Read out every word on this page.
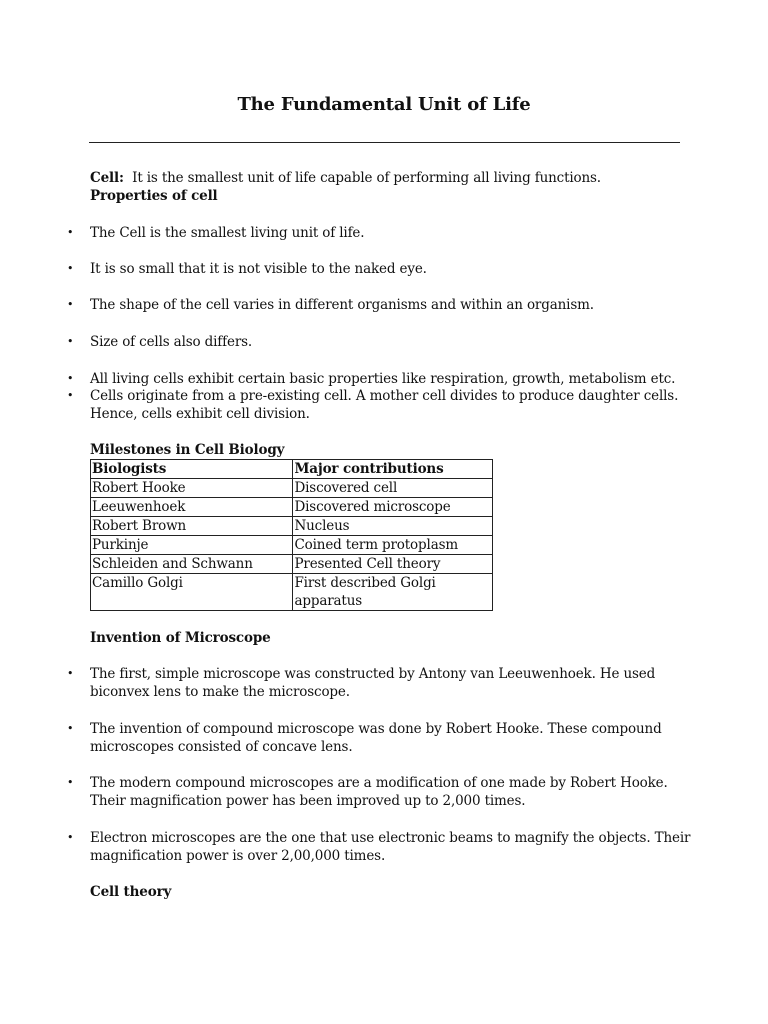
The Fundamental Unit of Life
Cell: It is the smallest unit of life capable of performing all living functions.
Properties of cell
• The Cell is the smallest living unit of life.
• It is so small that it is not visible to the naked eye.
• The shape of the cell varies in different organisms and within an organism.
• Size of cells also differs.
• All living cells exhibit certain basic properties like respiration, growth, metabolism etc.
• Cells originate from a pre-existing cell. A mother cell divides to produce daughter cells.
Hence, cells exhibit cell division.
Milestones in Cell Biology
Biologists	Major contributions
Robert Hooke	Discovered cell
Leeuwenhoek	Discovered microscope
Robert Brown	Nucleus
Purkinje	Coined term protoplasm
Schleiden and Schwann	Presented Cell theory
Camillo Golgi	First described Golgi apparatus
Invention of Microscope
• The first, simple microscope was constructed by Antony van Leeuwenhoek. He used
biconvex lens to make the microscope.
• The invention of compound microscope was done by Robert Hooke. These compound
microscopes consisted of concave lens.
• The modern compound microscopes are a modification of one made by Robert Hooke.
Their magnification power has been improved up to 2,000 times.
• Electron microscopes are the one that use electronic beams to magnify the objects. Their
magnification power is over 2,00,000 times.
Cell theory
